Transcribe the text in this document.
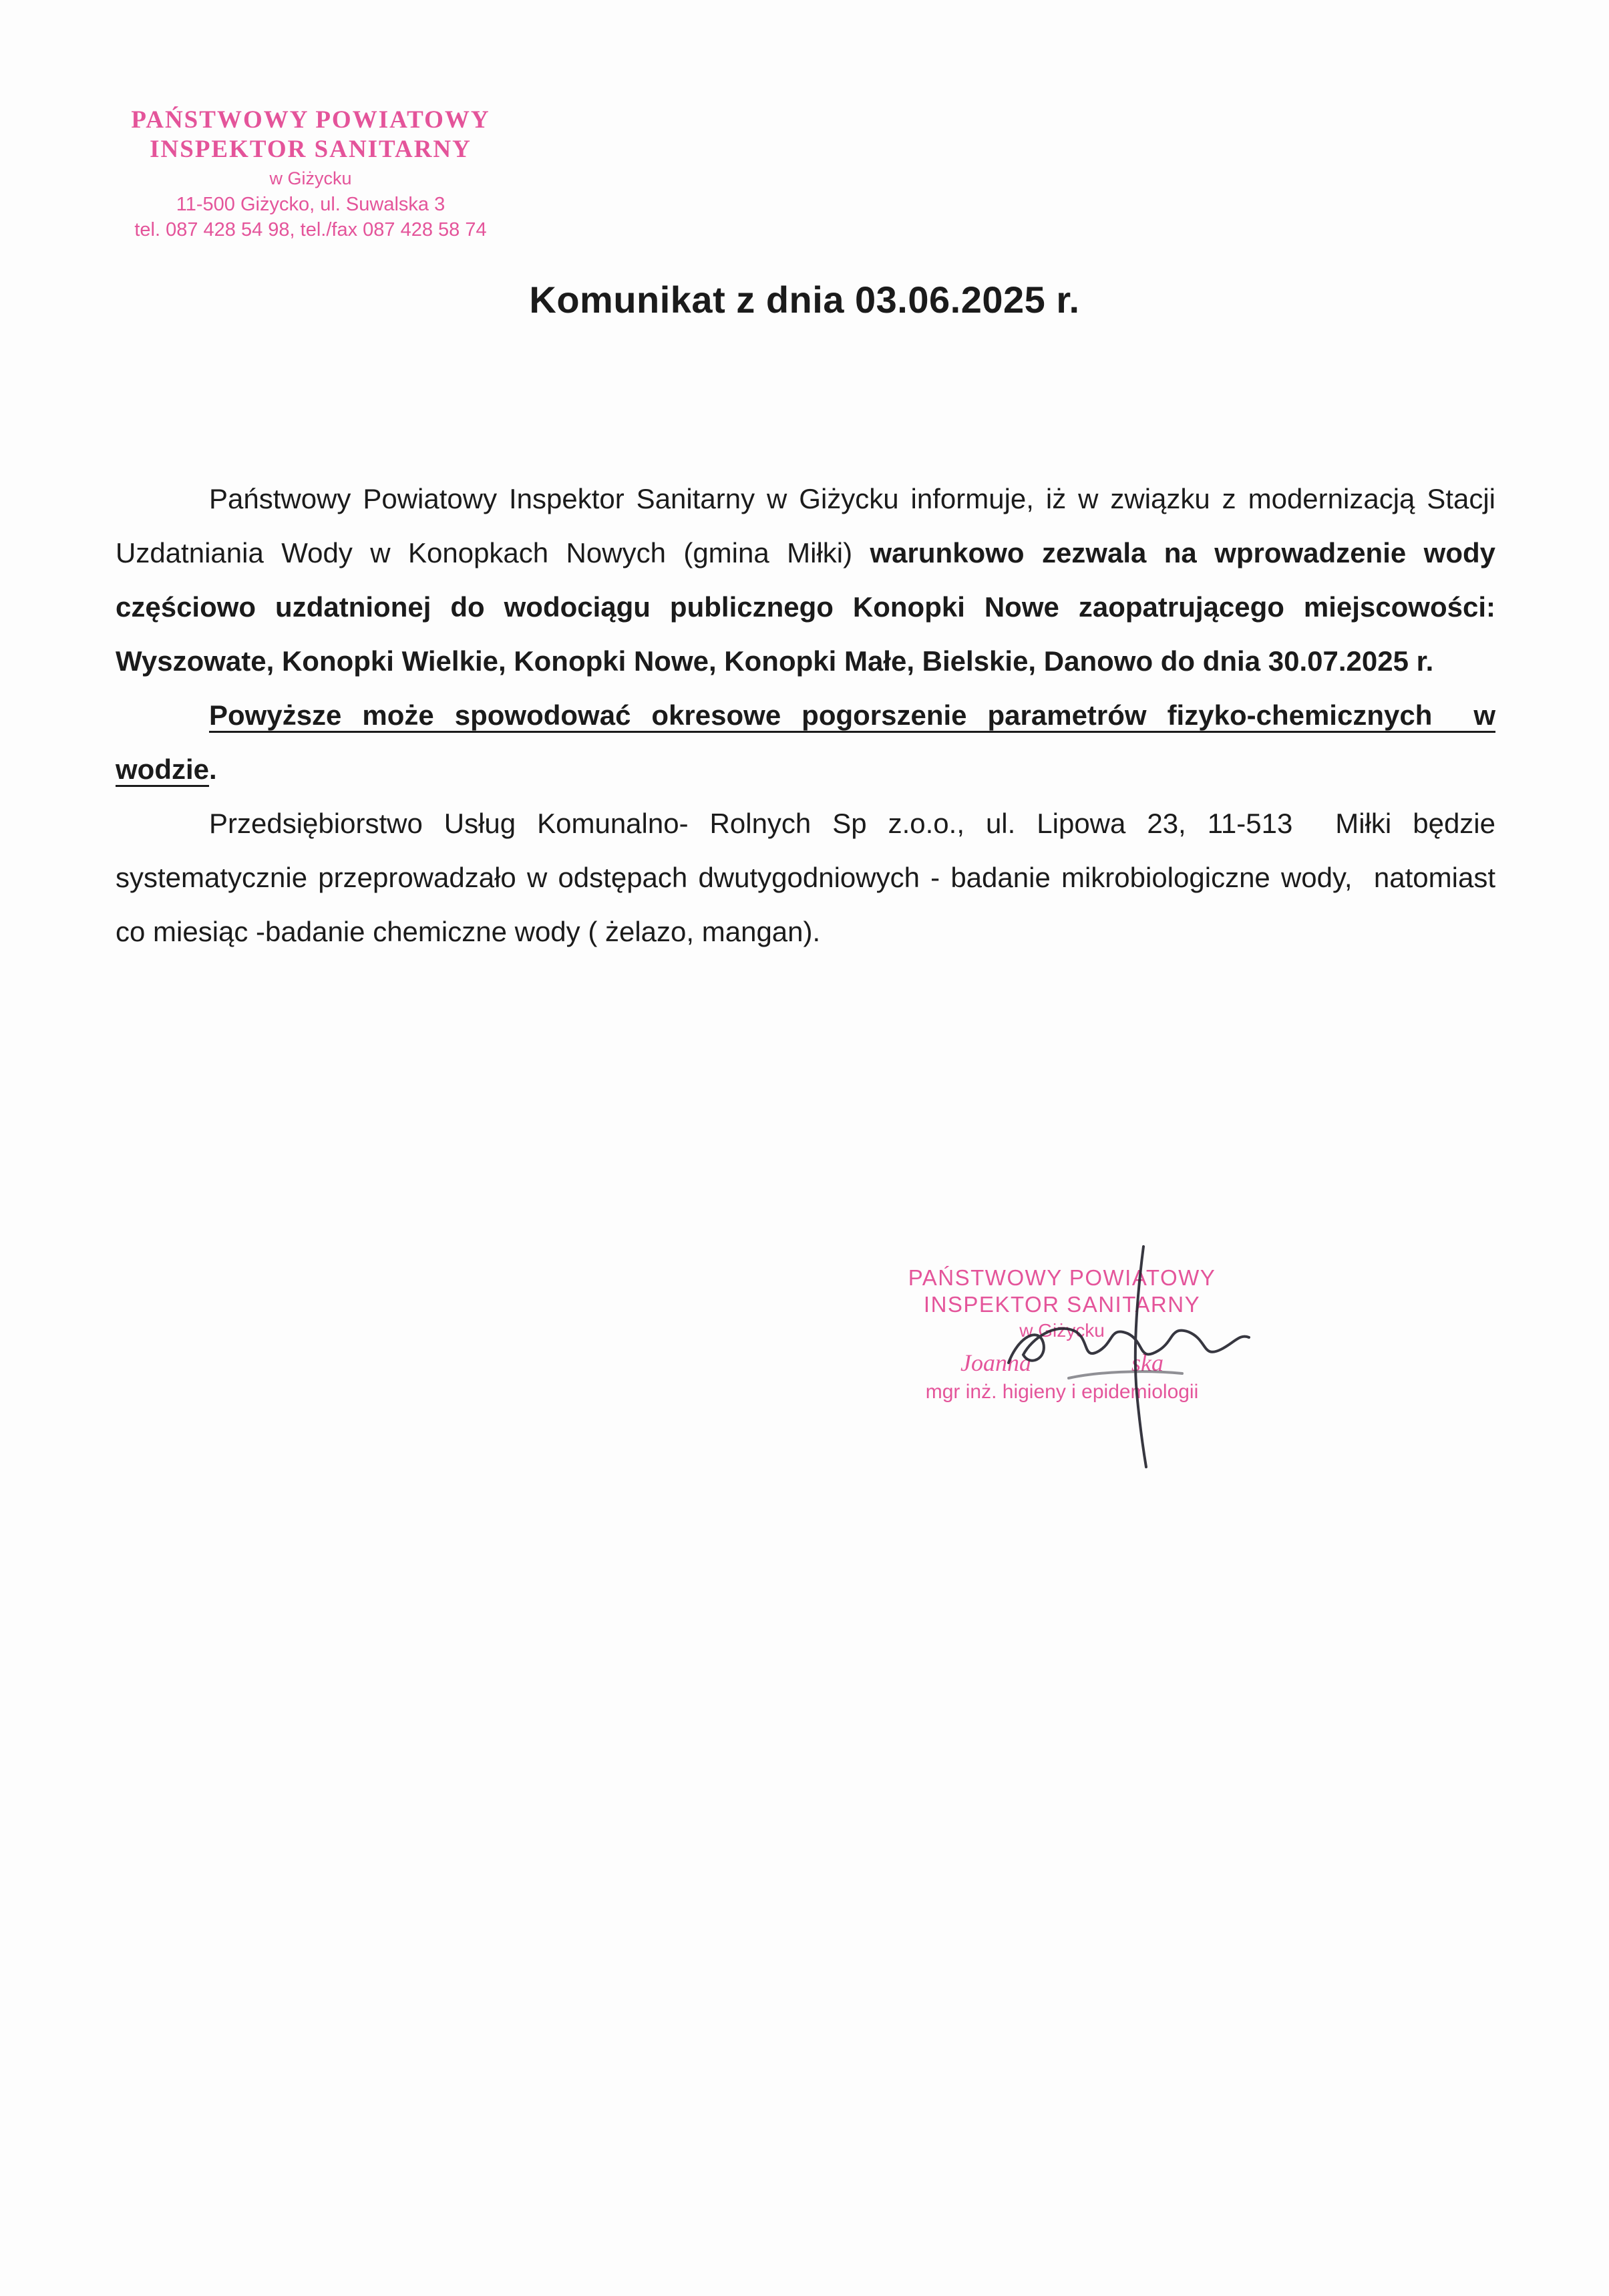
PAŃSTWOWY POWIATOWY
INSPEKTOR SANITARNY
w Giżycku
11-500 Giżycko, ul. Suwalska 3
tel. 087 428 54 98, tel./fax 087 428 58 74
Komunikat z dnia 03.06.2025 r.

Państwowy Powiatowy Inspektor Sanitarny w Giżycku informuje, iż w związku z modernizacją Stacji Uzdatniania Wody w Konopkach Nowych (gmina Miłki) warunkowo zezwala na wprowadzenie wody częściowo uzdatnionej do wodociągu publicznego Konopki Nowe zaopatrującego miejscowości: Wyszowate, Konopki Wielkie, Konopki Nowe, Konopki Małe, Bielskie, Danowo do dnia 30.07.2025 r.

Powyższe może spowodować okresowe pogorszenie parametrów fizyko-chemicznych  w wodzie.

Przedsiębiorstwo Usług Komunalno- Rolnych Sp z.o.o., ul. Lipowa 23, 11-513  Miłki będzie systematycznie przeprowadzało w odstępach dwutygodniowych - badanie mikrobiologiczne wody,  natomiast co miesiąc -badanie chemiczne wody ( żelazo, mangan).

PAŃSTWOWY POWIATOWY
INSPEKTOR SANITARNY
w Giżycku
Joanna	ska
mgr inż. higieny i epidemiologii
